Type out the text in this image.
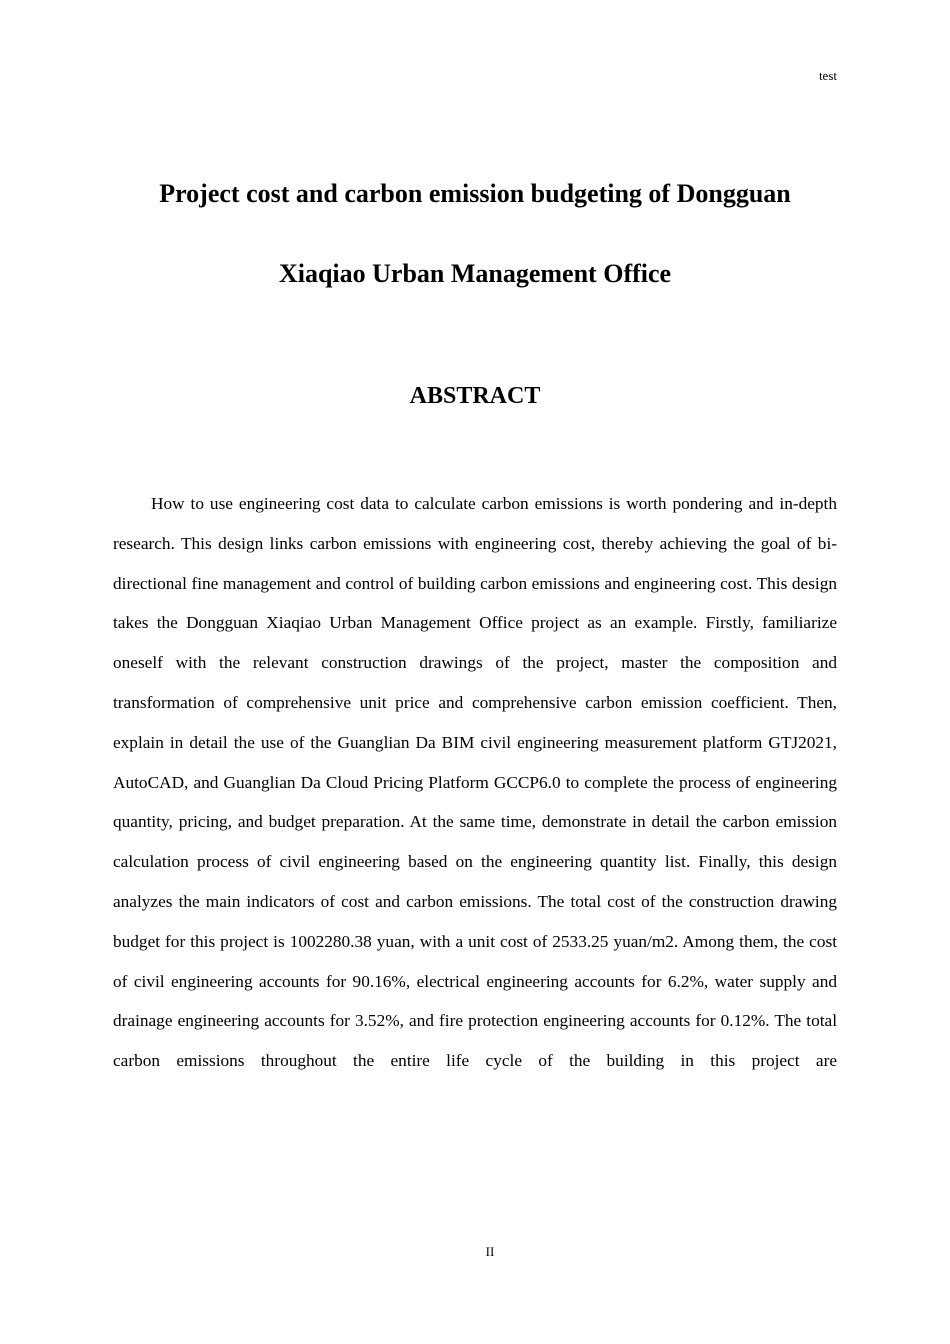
test
Project cost and carbon emission budgeting of Dongguan Xiaqiao Urban Management Office
ABSTRACT

How to use engineering cost data to calculate carbon emissions is worth pondering and in-depth research. This design links carbon emissions with engineering cost, thereby achieving the goal of bi-directional fine management and control of building carbon emissions and engineering cost. This design takes the Dongguan Xiaqiao Urban Management Office project as an example. Firstly, familiarize oneself with the relevant construction drawings of the project, master the composition and transformation of comprehensive unit price and comprehensive carbon emission coefficient. Then, explain in detail the use of the Guanglian Da BIM civil engineering measurement platform GTJ2021, AutoCAD, and Guanglian Da Cloud Pricing Platform GCCP6.0 to complete the process of engineering quantity, pricing, and budget preparation. At the same time, demonstrate in detail the carbon emission calculation process of civil engineering based on the engineering quantity list. Finally, this design analyzes the main indicators of cost and carbon emissions. The total cost of the construction drawing budget for this project is 1002280.38 yuan, with a unit cost of 2533.25 yuan/m2. Among them, the cost of civil engineering accounts for 90.16%, electrical engineering accounts for 6.2%, water supply and drainage engineering accounts for 3.52%, and fire protection engineering accounts for 0.12%. The total carbon emissions throughout the entire life cycle of the building in this project are

II
